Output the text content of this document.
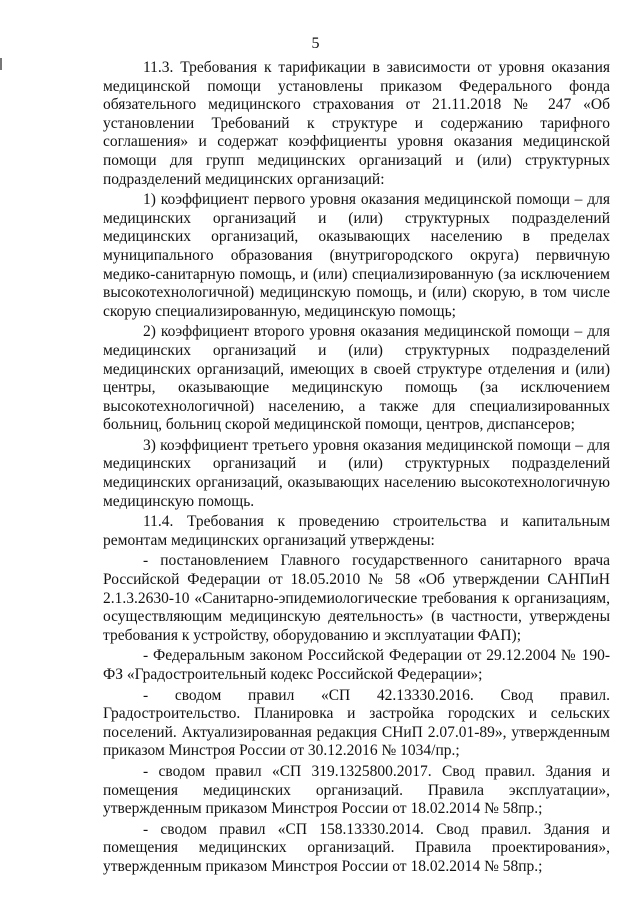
5

11.3. Требования к тарификации в зависимости от уровня оказания медицинской помощи установлены приказом Федерального фонда обязательного медицинского страхования от 21.11.2018 № 247 «Об установлении Требований к структуре и содержанию тарифного соглашения» и содержат коэффициенты уровня оказания медицинской помощи для групп медицинских организаций и (или) структурных подразделений медицинских организаций:

1) коэффициент первого уровня оказания медицинской помощи – для медицинских организаций и (или) структурных подразделений медицинских организаций, оказывающих населению в пределах муниципального образования (внутригородского округа) первичную медико-санитарную помощь, и (или) специализированную (за исключением высокотехнологичной) медицинскую помощь, и (или) скорую, в том числе скорую специализированную, медицинскую помощь;

2) коэффициент второго уровня оказания медицинской помощи – для медицинских организаций и (или) структурных подразделений медицинских организаций, имеющих в своей структуре отделения и (или) центры, оказывающие медицинскую помощь (за исключением высокотехнологичной) населению, а также для специализированных больниц, больниц скорой медицинской помощи, центров, диспансеров;

3) коэффициент третьего уровня оказания медицинской помощи – для медицинских организаций и (или) структурных подразделений медицинских организаций, оказывающих населению высокотехнологичную медицинскую помощь.

11.4. Требования к проведению строительства и капитальным ремонтам медицинских организаций утверждены:

- постановлением Главного государственного санитарного врача Российской Федерации от 18.05.2010 № 58 «Об утверждении САНПиН 2.1.3.2630-10 «Санитарно-эпидемиологические требования к организациям, осуществляющим медицинскую деятельность» (в частности, утверждены требования к устройству, оборудованию и эксплуатации ФАП);

- Федеральным законом Российской Федерации от 29.12.2004 № 190-ФЗ «Градостроительный кодекс Российской Федерации»;

- сводом правил «СП 42.13330.2016. Свод правил. Градостроительство. Планировка и застройка городских и сельских поселений. Актуализированная редакция СНиП 2.07.01-89», утвержденным приказом Минстроя России от 30.12.2016 № 1034/пр.;

- сводом правил «СП 319.1325800.2017. Свод правил. Здания и помещения медицинских организаций. Правила эксплуатации», утвержденным приказом Минстроя России от 18.02.2014 № 58пр.;

- сводом правил «СП 158.13330.2014. Свод правил. Здания и помещения медицинских организаций. Правила проектирования», утвержденным приказом Минстроя России от 18.02.2014 № 58пр.;
